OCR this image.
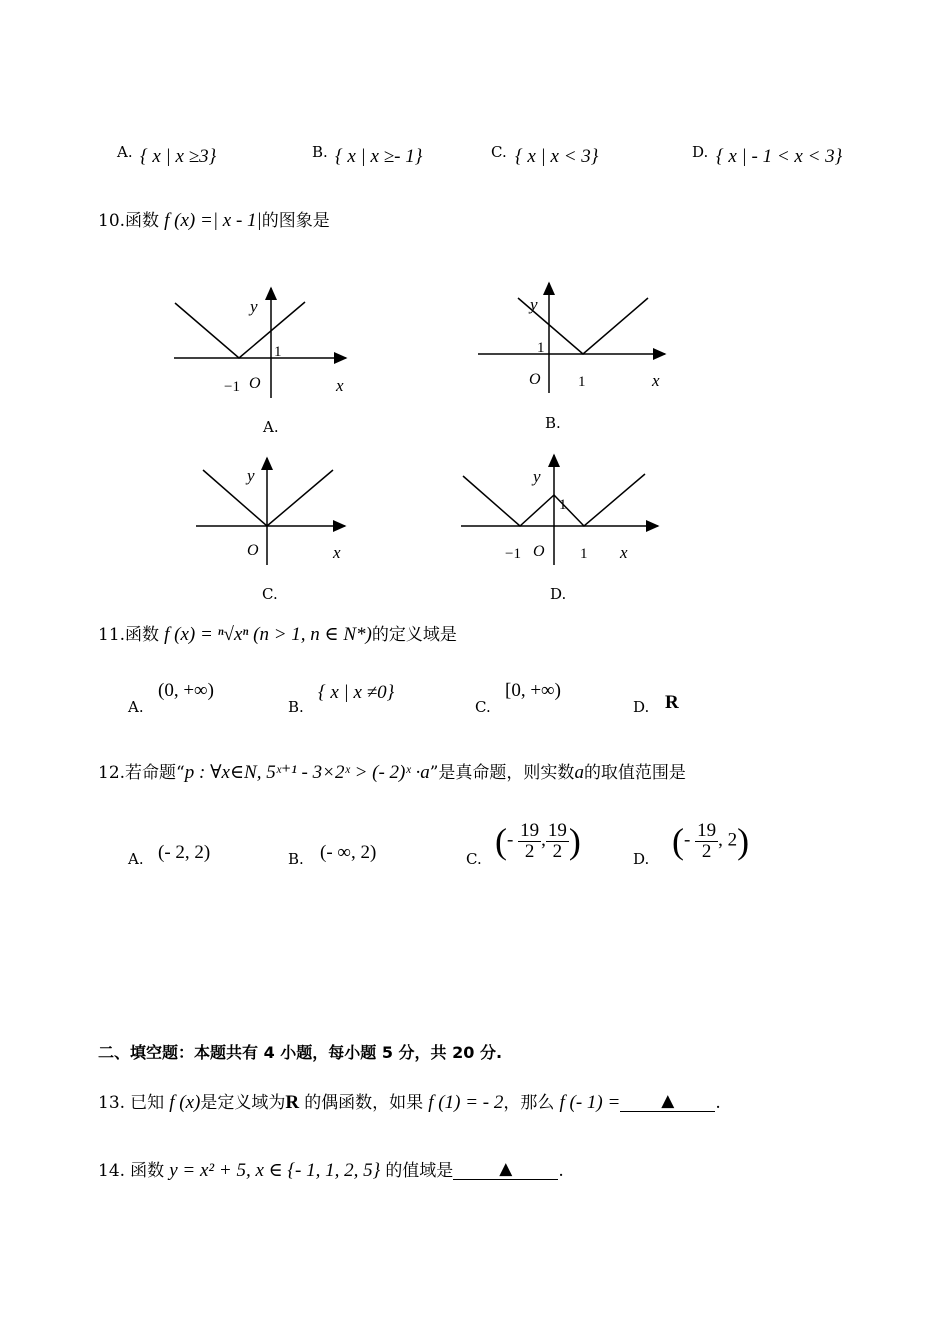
A. { x | x ≥3}	B. { x | x ≥- 1}	C. { x | x < 3}	D. { x | - 1 < x < 3}
10.函数 f (x) =| x - 1|的图象是
y
1
−1 O	x
A.
y
1
O 1	x
B.
y
O	x
C.
y
1
−1 O 1 x
D.
11.函数 f (x) = ⁿ√xⁿ (n > 1, n ∈ N*)的定义域是
A.
(0, +∞)
B.
{ x | x ≠0}
C.
[0, +∞)
D. R
12.若命题“p : ∀x∈N, 5ˣ⁺¹ - 3×2ˣ > (- 2)ˣ ·a”是真命题，则实数a的取值范围是
A. (- 2, 2)	B. (- ∞, 2)	C. (- $\frac{19}{2}$ , $\frac{19}{2}$ )	D. (- $\frac{19}{2}$ , 2)
二、填空题：本题共有 4 小题，每小题 5 分，共 20 分.
13. 已知 f (x)是定义域为R 的偶函数，如果 f (1) = - 2，那么 f (- 1) = ▲ .
14. 函数 y = x² + 5, x ∈ {- 1, 1, 2, 5} 的值域是	▲	.
